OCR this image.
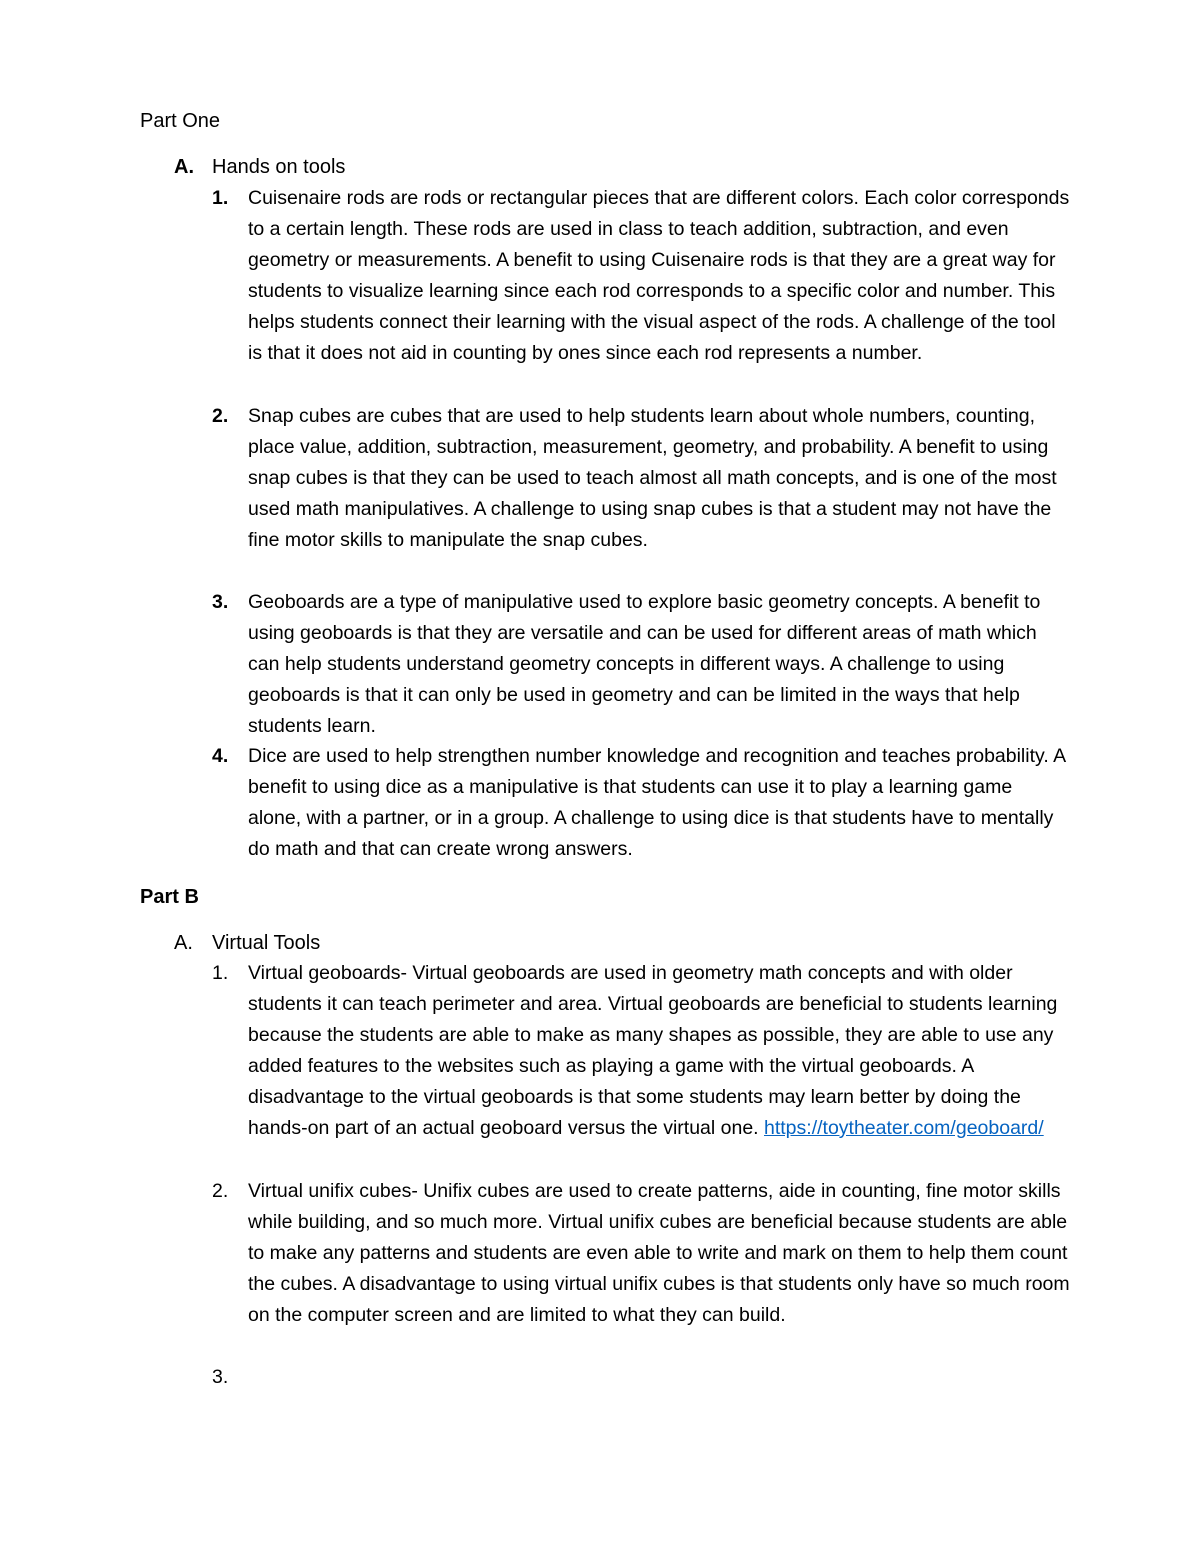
Part One
A. Hands on tools
1. Cuisenaire rods are rods or rectangular pieces that are different colors. Each color corresponds to a certain length. These rods are used in class to teach addition, subtraction, and even geometry or measurements. A benefit to using Cuisenaire rods is that they are a great way for students to visualize learning since each rod corresponds to a specific color and number. This helps students connect their learning with the visual aspect of the rods. A challenge of the tool is that it does not aid in counting by ones since each rod represents a number.
2. Snap cubes are cubes that are used to help students learn about whole numbers, counting, place value, addition, subtraction, measurement, geometry, and probability. A benefit to using snap cubes is that they can be used to teach almost all math concepts, and is one of the most used math manipulatives. A challenge to using snap cubes is that a student may not have the fine motor skills to manipulate the snap cubes.
3. Geoboards are a type of manipulative used to explore basic geometry concepts. A benefit to using geoboards is that they are versatile and can be used for different areas of math which can help students understand geometry concepts in different ways. A challenge to using geoboards is that it can only be used in geometry and can be limited in the ways that help students learn.
4. Dice are used to help strengthen number knowledge and recognition and teaches probability. A benefit to using dice as a manipulative is that students can use it to play a learning game alone, with a partner, or in a group. A challenge to using dice is that students have to mentally do math and that can create wrong answers.
Part B
A. Virtual Tools
1. Virtual geoboards- Virtual geoboards are used in geometry math concepts and with older students it can teach perimeter and area. Virtual geoboards are beneficial to students learning because the students are able to make as many shapes as possible, they are able to use any added features to the websites such as playing a game with the virtual geoboards. A disadvantage to the virtual geoboards is that some students may learn better by doing the hands-on part of an actual geoboard versus the virtual one. https://toytheater.com/geoboard/
2. Virtual unifix cubes- Unifix cubes are used to create patterns, aide in counting, fine motor skills while building, and so much more. Virtual unifix cubes are beneficial because students are able to make any patterns and students are even able to write and mark on them to help them count the cubes. A disadvantage to using virtual unifix cubes is that students only have so much room on the computer screen and are limited to what they can build.
3.
